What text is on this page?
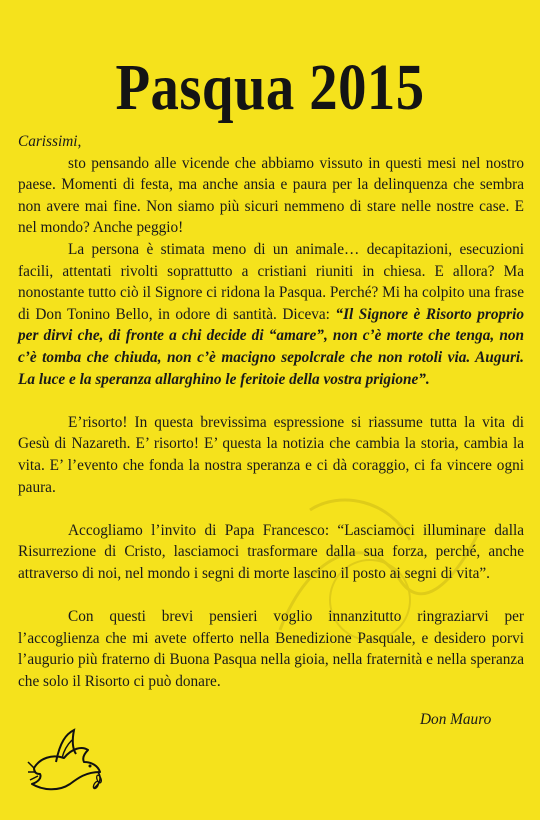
Pasqua 2015

Carissimi,

sto pensando alle vicende che abbiamo vissuto in questi mesi nel nostro paese. Momenti di festa, ma anche ansia e paura per la delinquenza che sembra non avere mai fine. Non siamo più sicuri nemmeno di stare nelle nostre case. E nel mondo? Anche peggio!

La persona è stimata meno di un animale… decapitazioni, esecuzioni facili, attentati rivolti soprattutto a cristiani riuniti in chiesa. E allora? Ma nonostante tutto ciò il Signore ci ridona la Pasqua. Perché? Mi ha colpito una frase di Don Tonino Bello, in odore di santità. Diceva: “Il Signore è Risorto proprio per dirvi che, di fronte a chi decide di “amare”, non c’è morte che tenga, non c’è tomba che chiuda, non c’è macigno sepolcrale che non rotoli via. Auguri. La luce e la speranza allarghino le feritoie della vostra prigione”.

E’risorto! In questa brevissima espressione si riassume tutta la vita di Gesù di Nazareth. E’ risorto! E’ questa la notizia che cambia la storia, cambia la vita. E’ l’evento che fonda la nostra speranza e ci dà coraggio, ci fa vincere ogni paura.

Accogliamo l’invito di Papa Francesco: “Lasciamoci illuminare dalla Risurrezione di Cristo, lasciamoci trasformare dalla sua forza, perché, anche attraverso di noi, nel mondo i segni di morte lascino il posto ai segni di vita”.

Con questi brevi pensieri voglio innanzitutto ringraziarvi per l’accoglienza che mi avete offerto nella Benedizione Pasquale, e desidero porvi l’augurio più fraterno di Buona Pasqua nella gioia, nella fraternità e nella speranza che solo il Risorto ci può donare.

Don Mauro
